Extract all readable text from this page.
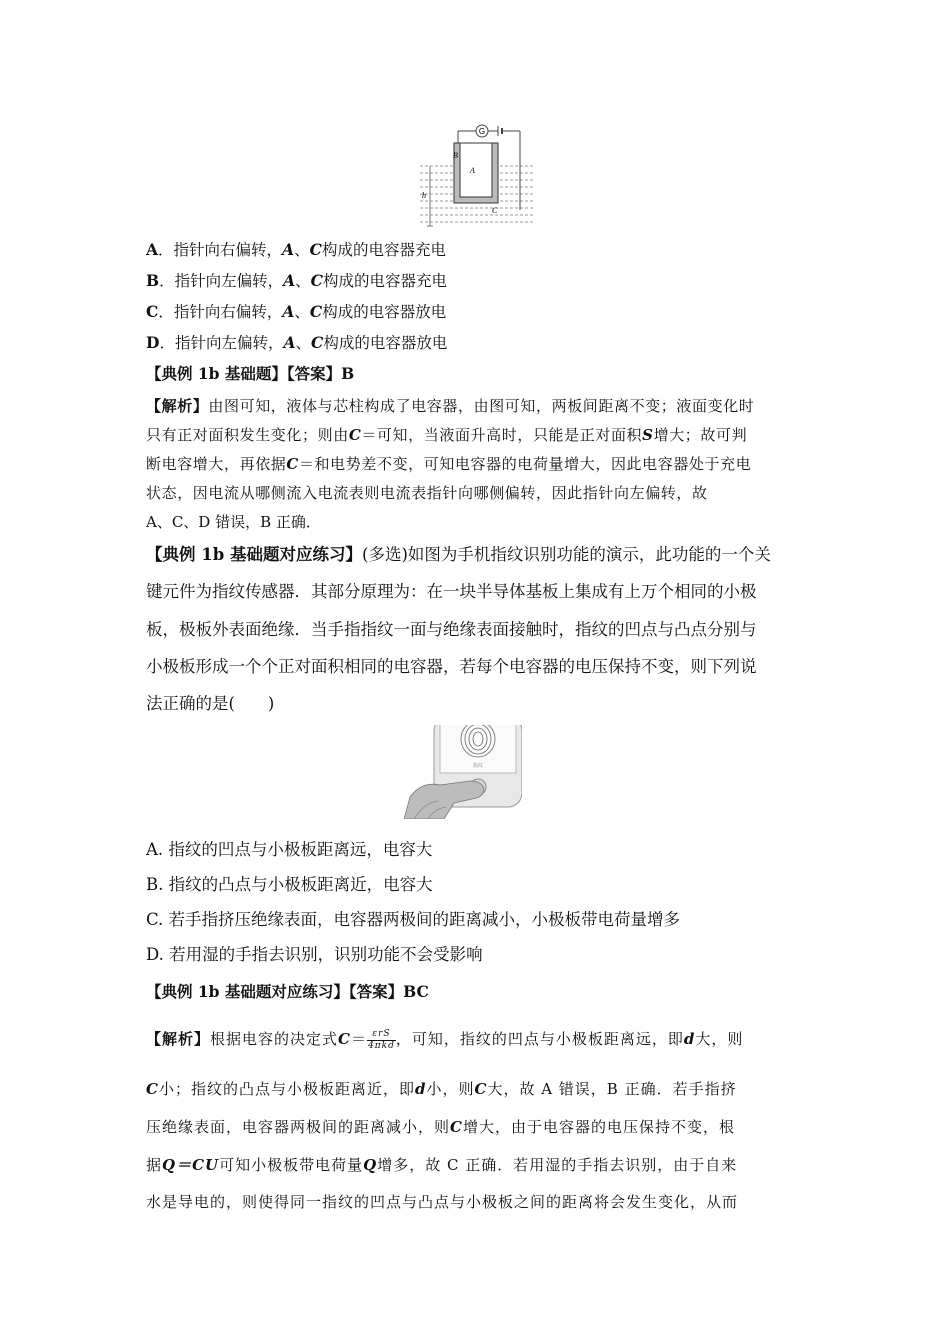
G
B
A
C
h
A．指针向右偏转，A、C构成的电容器充电
B．指针向左偏转，A、C构成的电容器充电
C．指针向右偏转，A、C构成的电容器放电
D．指针向左偏转，A、C构成的电容器放电
【典例 1b 基础题】【答案】B
【解析】由图可知，液体与芯柱构成了电容器，由图可知，两板间距离不变；液面变化时
只有正对面积发生变化；则由C＝可知，当液面升高时，只能是正对面积S增大；故可判
断电容增大，再依据C＝和电势差不变，可知电容器的电荷量增大，因此电容器处于充电
状态，因电流从哪侧流入电流表则电流表指针向哪侧偏转，因此指针向左偏转，故
A、C、D 错误，B 正确．
【典例 1b 基础题对应练习】(多选)如图为手机指纹识别功能的演示，此功能的一个关
键元件为指纹传感器．其部分原理为：在一块半导体基板上集成有上万个相同的小极
板，极板外表面绝缘．当手指指纹一面与绝缘表面接触时，指纹的凹点与凸点分别与
小极板形成一个个正对面积相同的电容器，若每个电容器的电压保持不变，则下列说
法正确的是(　　)
指纹
A. 指纹的凹点与小极板距离远，电容大
B. 指纹的凸点与小极板距离近，电容大
C. 若手指挤压绝缘表面，电容器两极间的距离减小，小极板带电荷量增多
D. 若用湿的手指去识别，识别功能不会受影响
【典例 1b 基础题对应练习】【答案】BC
【解析】根据电容的决定式$C= \frac{\text{εrS}}{\text{4πkd}}$ ，可知，指纹的凹点与小极板距离远，即d大，则
C小；指纹的凸点与小极板距离近，即d小，则C大，故 A 错误，B 正确．若手指挤
压绝缘表面，电容器两极间的距离减小，则C增大，由于电容器的电压保持不变，根
据Q＝CU可知小极板带电荷量Q增多，故 C 正确．若用湿的手指去识别，由于自来
水是导电的，则使得同一指纹的凹点与凸点与小极板之间的距离将会发生变化，从而
